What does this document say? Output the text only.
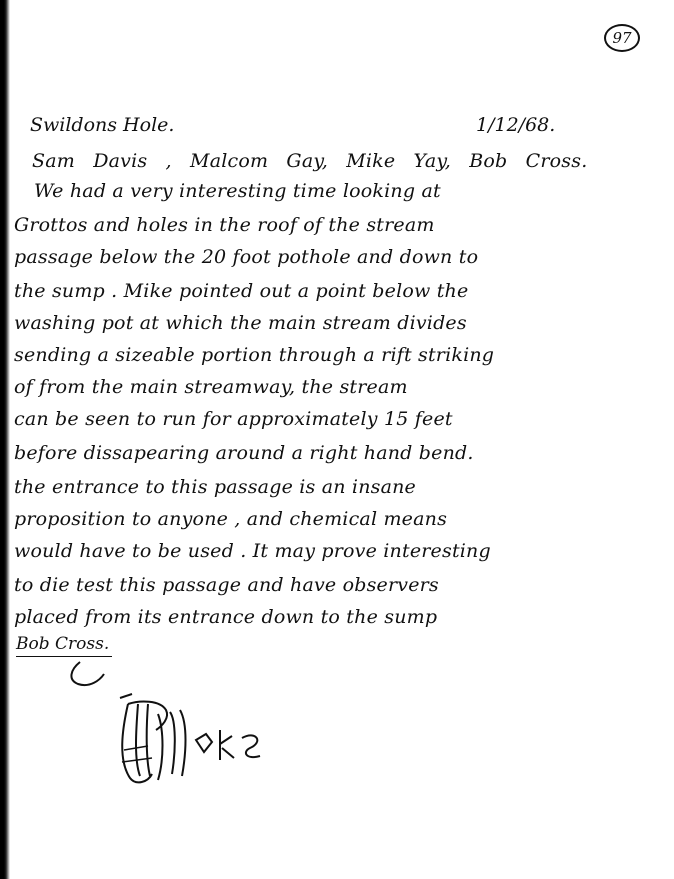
97
Swildons Hole.	1/12/68.
Sam Davis , Malcom Gay, Mike Yay, Bob Cross.
We had a very interesting time looking at
Grottos and holes in the roof of the stream
passage below the 20 foot pothole and down to
the sump . Mike pointed out a point below the
washing pot at which the main stream divides
sending a sizeable portion through a rift striking
of from the main streamway, the stream
can be seen to run for approximately 15 feet
before dissapearing around a right hand bend.
the entrance to this passage is an insane
proposition to anyone , and chemical means
would have to be used . It may prove interesting
to die test this passage and have observers
placed from its entrance down to the sump
Bob Cross.
